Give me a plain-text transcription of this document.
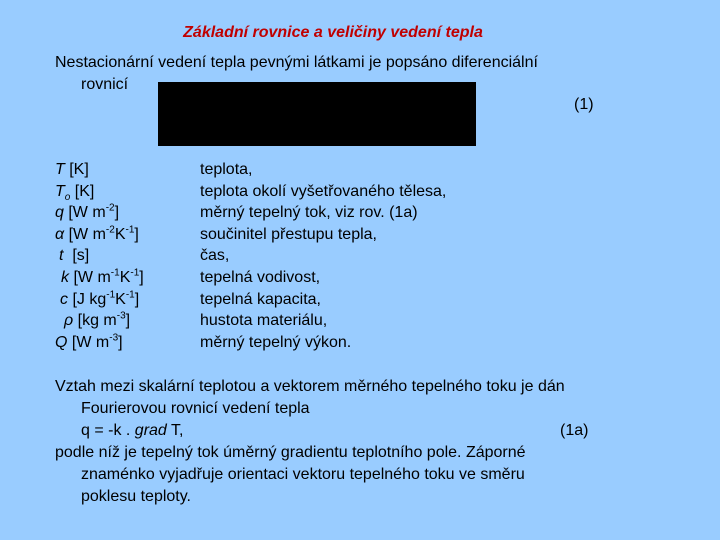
Základní rovnice a veličiny vedení tepla
Nestacionární vedení tepla pevnými látkami je popsáno diferenciální
rovnicí
(1)
T [K]	teplota,
$T_o$ [K]	teplota okolí vyšetřovaného tělesa,
q [W $m^{-2}$]	měrný tepelný tok, viz rov. (1a)
α [W $m^{-2}K^{-1}$]	součinitel přestupu tepla,
t [s]	čas,
k [W $m^{-1}K^{-1}$]	tepelná vodivost,
c [J $kg^{-1}K^{-1}$]	tepelná kapacita,
ρ [kg $m^{-3}$]	hustota materiálu,
Q [W $m^{-3}$]	měrný tepelný výkon.
Vztah mezi skalární teplotou a vektorem měrného tepelného toku je dán
Fourierovou rovnicí vedení tepla
q = -k . grad T,	(1a)
podle níž je tepelný tok úměrný gradientu teplotního pole. Záporné
znaménko vyjadřuje orientaci vektoru tepelného toku ve směru
poklesu teploty.
